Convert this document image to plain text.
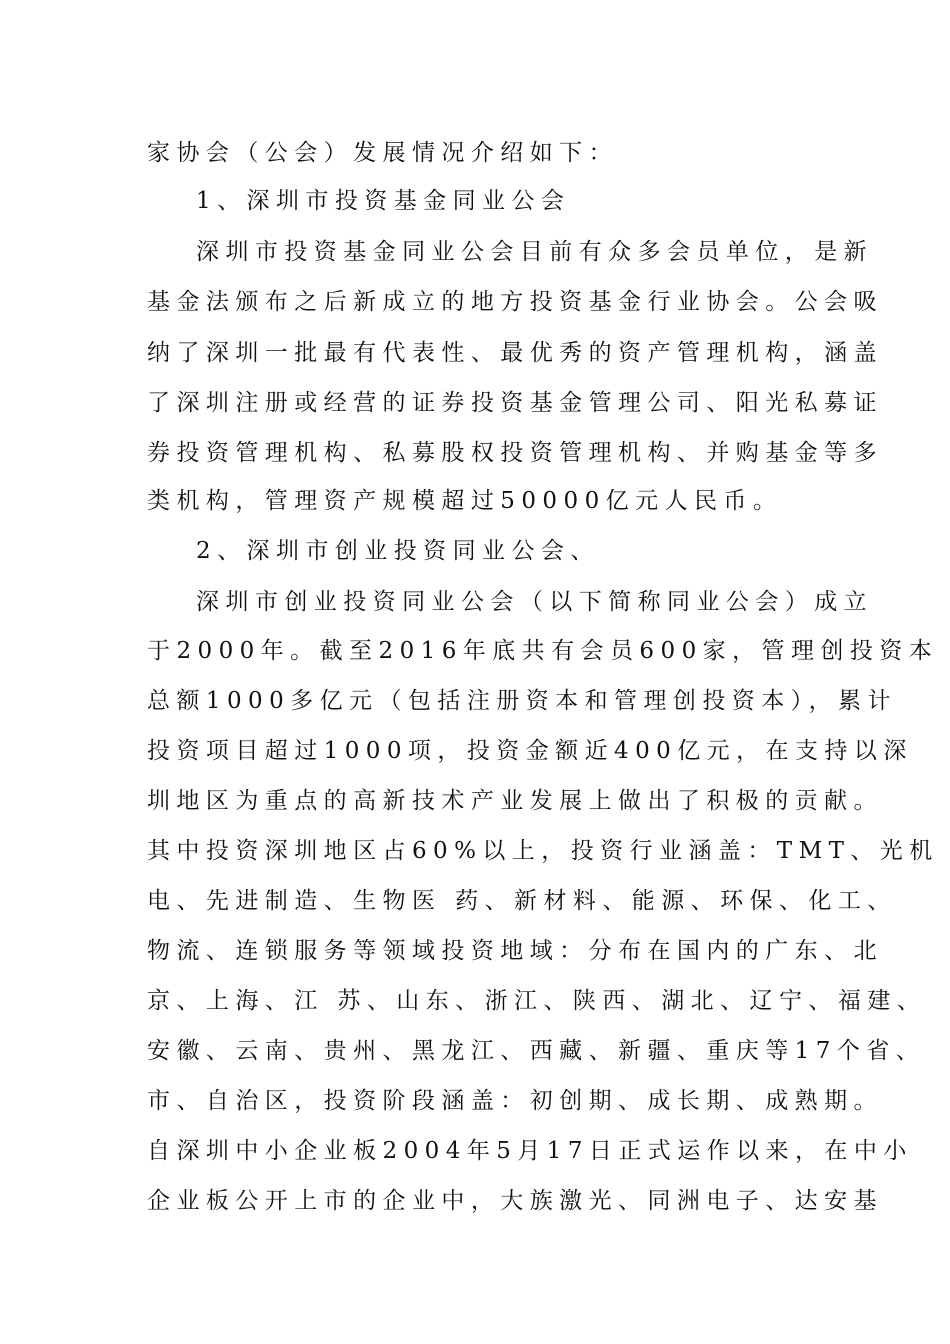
家协会（公会）发展情况介绍如下：
1、深圳市投资基金同业公会
深圳市投资基金同业公会目前有众多会员单位，是新
基金法颁布之后新成立的地方投资基金行业协会。公会吸
纳了深圳一批最有代表性、最优秀的资产管理机构，涵盖
了深圳注册或经营的证券投资基金管理公司、阳光私募证
券投资管理机构、私募股权投资管理机构、并购基金等多
类机构，管理资产规模超过50000亿元人民币。
2、深圳市创业投资同业公会、
深圳市创业投资同业公会（以下简称同业公会）成立
于2000年。截至2016年底共有会员600家，管理创投资本
总额1000多亿元（包括注册资本和管理创投资本），累计
投资项目超过1000项，投资金额近400亿元，在支持以深
圳地区为重点的高新技术产业发展上做出了积极的贡献。
其中投资深圳地区占60%以上，投资行业涵盖：TMT、光机
电、先进制造、生物医 药、新材料、能源、环保、化工、
物流、连锁服务等领域投资地域：分布在国内的广东、北
京、上海、江 苏、山东、浙江、陕西、湖北、辽宁、福建、
安徽、云南、贵州、黑龙江、西藏、新疆、重庆等17个省、
市、自治区，投资阶段涵盖：初创期、成长期、成熟期。
自深圳中小企业板2004年5月17日正式运作以来，在中小
企业板公开上市的企业中，大族激光、同洲电子、达安基
